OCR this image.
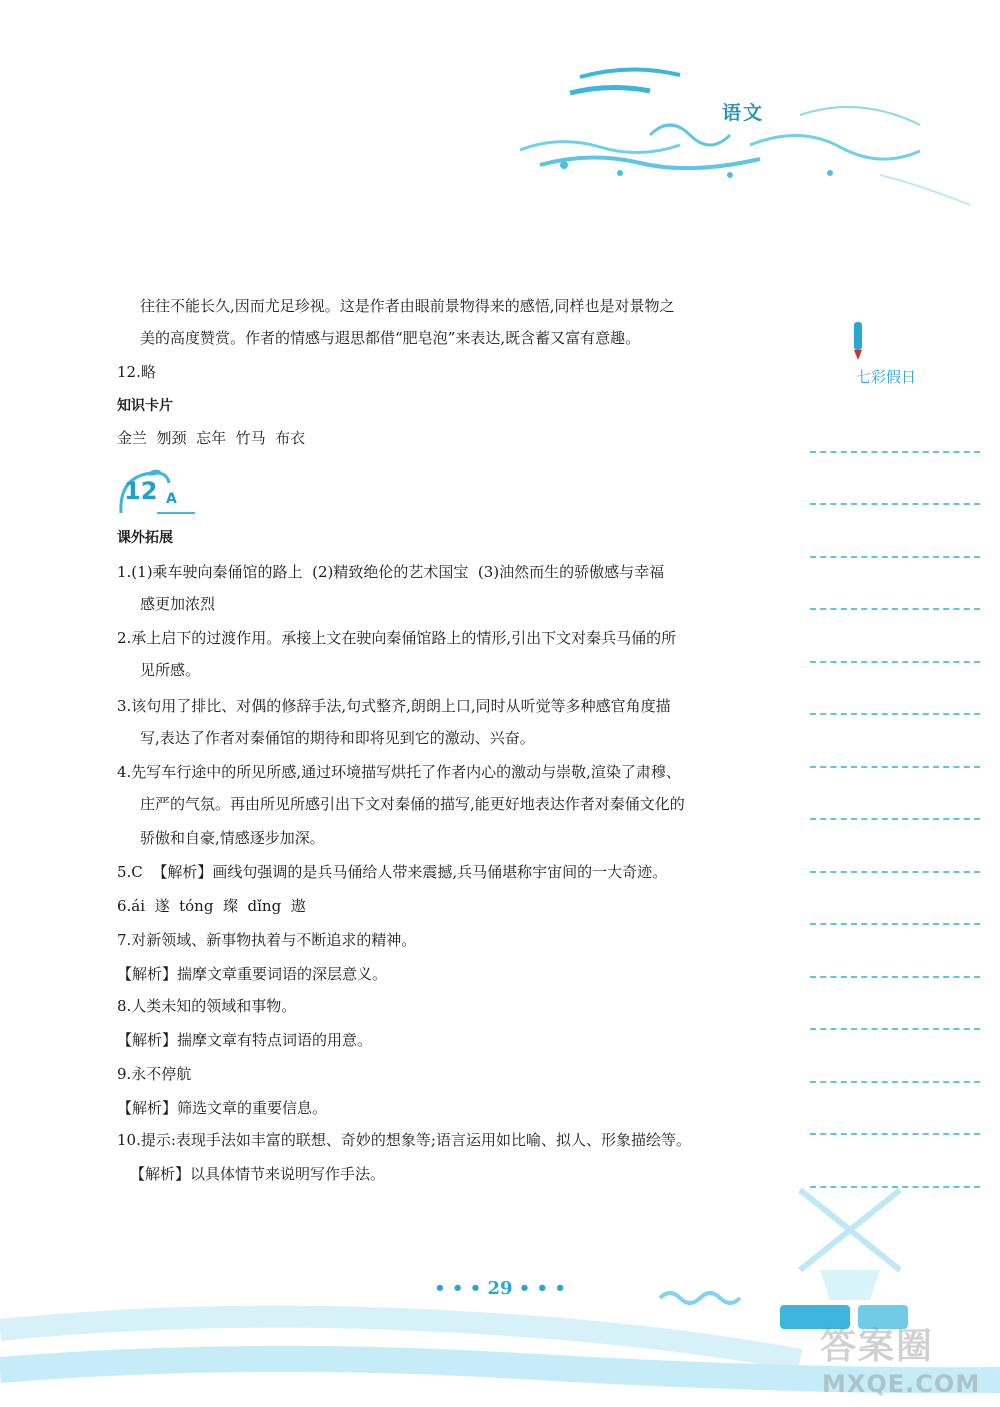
语文
七彩假日
往往不能长久,因而尤足珍视。这是作者由眼前景物得来的感悟,同样也是对景物之
美的高度赞赏。作者的情感与遐思都借“肥皂泡”来表达,既含蓄又富有意趣。
12.略
知识卡片
金兰  刎颈  忘年  竹马  布衣
12 A
课外拓展
1.(1)乘车驶向秦俑馆的路上  (2)精致绝伦的艺术国宝  (3)油然而生的骄傲感与幸福
感更加浓烈
2.承上启下的过渡作用。承接上文在驶向秦俑馆路上的情形,引出下文对秦兵马俑的所
见所感。
3.该句用了排比、对偶的修辞手法,句式整齐,朗朗上口,同时从听觉等多种感官角度描
写,表达了作者对秦俑馆的期待和即将见到它的激动、兴奋。
4.先写车行途中的所见所感,通过环境描写烘托了作者内心的激动与崇敬,渲染了肃穆、
庄严的气氛。再由所见所感引出下文对秦俑的描写,能更好地表达作者对秦俑文化的
骄傲和自豪,情感逐步加深。
5.C  【解析】画线句强调的是兵马俑给人带来震撼,兵马俑堪称宇宙间的一大奇迹。
6.ái  遂  tóng  璨  dǐng  遨
7.对新领域、新事物执着与不断追求的精神。
【解析】揣摩文章重要词语的深层意义。
8.人类未知的领域和事物。
【解析】揣摩文章有特点词语的用意。
9.永不停航
【解析】筛选文章的重要信息。
10.提示:表现手法如丰富的联想、奇妙的想象等;语言运用如比喻、拟人、形象描绘等。
【解析】以具体情节来说明写作手法。
• • • 29 • • •
答案圈
MXQE.COM
